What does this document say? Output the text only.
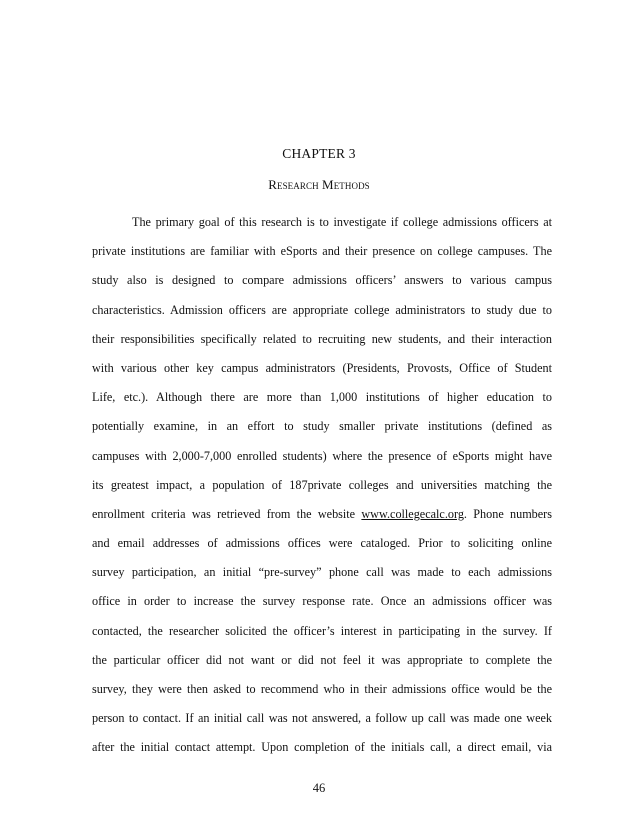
CHAPTER 3
Research Methods
The primary goal of this research is to investigate if college admissions officers at
private institutions are familiar with eSports and their presence on college campuses. The
study also is designed to compare admissions officers’ answers to various campus
characteristics. Admission officers are appropriate college administrators to study due to
their responsibilities specifically related to recruiting new students, and their interaction
with various other key campus administrators (Presidents, Provosts, Office of Student
Life, etc.). Although there are more than 1,000 institutions of higher education to
potentially examine, in an effort to study smaller private institutions (defined as
campuses with 2,000-7,000 enrolled students) where the presence of eSports might have
its greatest impact, a population of 187private colleges and universities matching the
enrollment criteria was retrieved from the website www.collegecalc.org. Phone numbers
and email addresses of admissions offices were cataloged. Prior to soliciting online
survey participation, an initial “pre-survey” phone call was made to each admissions
office in order to increase the survey response rate. Once an admissions officer was
contacted, the researcher solicited the officer’s interest in participating in the survey. If
the particular officer did not want or did not feel it was appropriate to complete the
survey, they were then asked to recommend who in their admissions office would be the
person to contact. If an initial call was not answered, a follow up call was made one week
after the initial contact attempt. Upon completion of the initials call, a direct email, via
46
